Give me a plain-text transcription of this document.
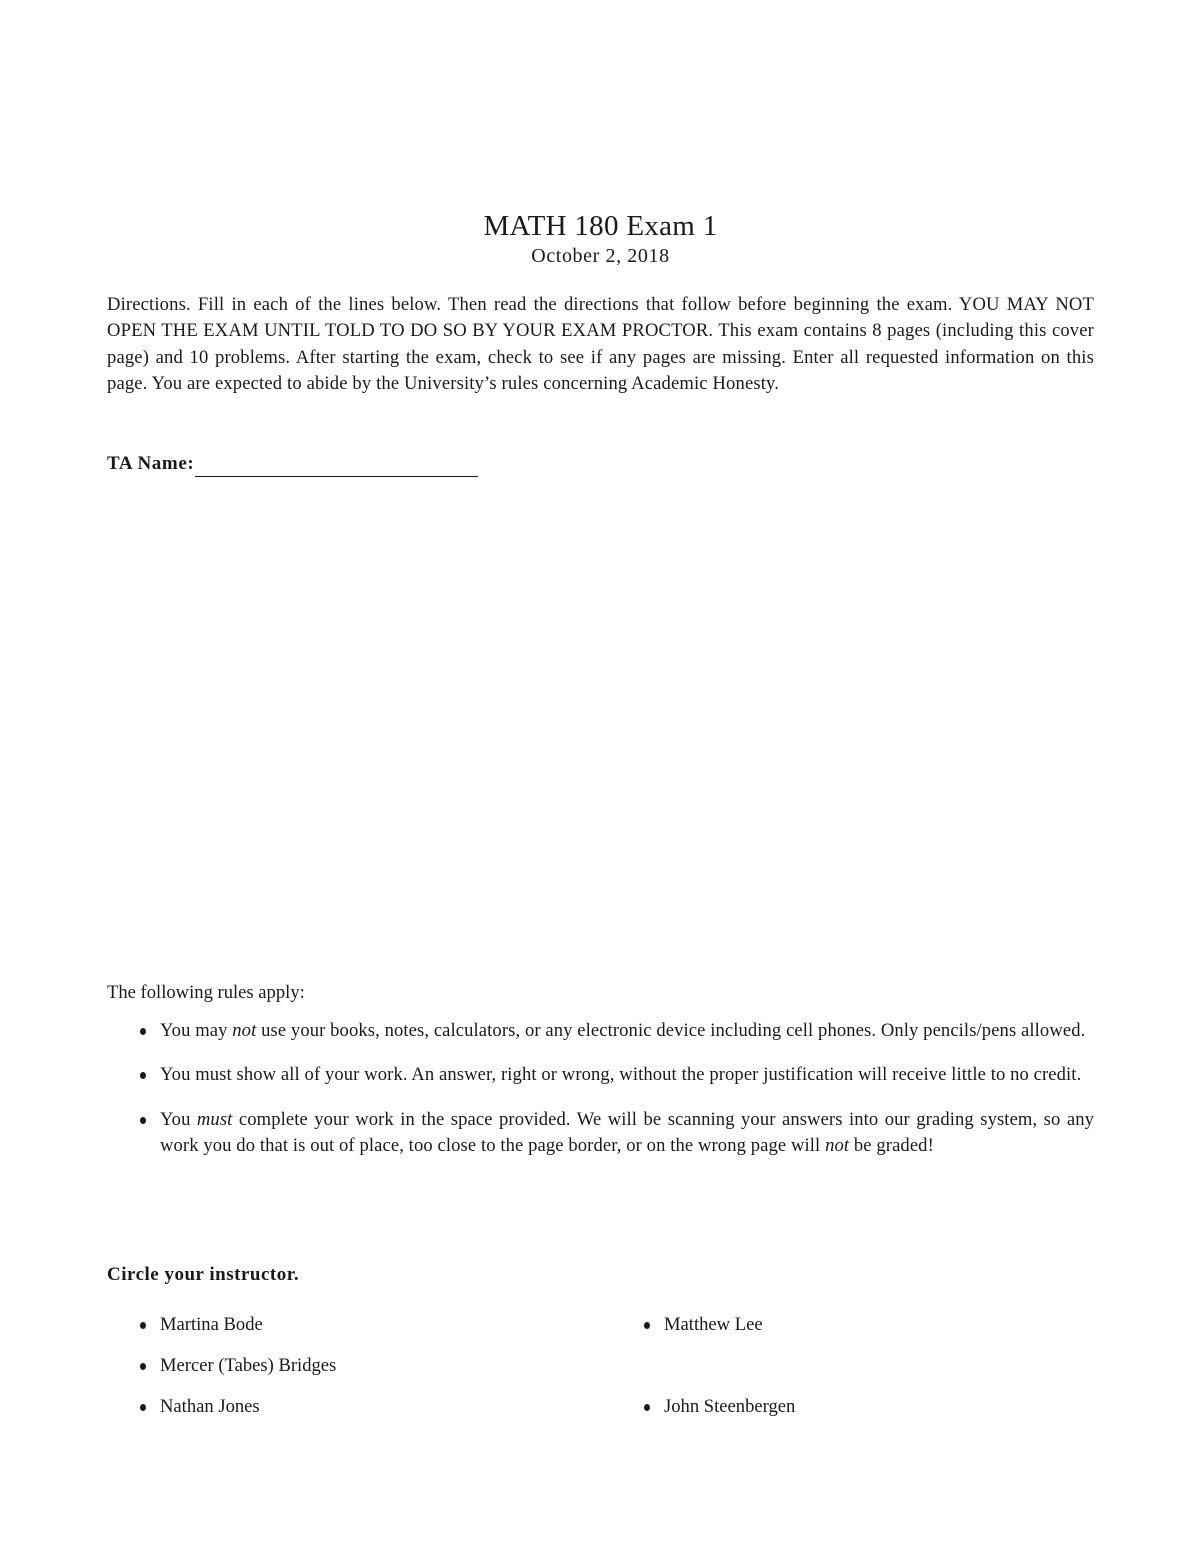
MATH 180 Exam 1
October 2, 2018
Directions. Fill in each of the lines below. Then read the directions that follow before beginning the exam. YOU MAY NOT OPEN THE EXAM UNTIL TOLD TO DO SO BY YOUR EXAM PROCTOR. This exam contains 8 pages (including this cover page) and 10 problems. After starting the exam, check to see if any pages are missing. Enter all requested information on this page. You are expected to abide by the University’s rules concerning Academic Honesty.
TA Name:
The following rules apply:
You may not use your books, notes, calculators, or any electronic device including cell phones. Only pencils/pens allowed.
You must show all of your work. An answer, right or wrong, without the proper justification will receive little to no credit.
You must complete your work in the space provided. We will be scanning your answers into our grading system, so any work you do that is out of place, too close to the page border, or on the wrong page will not be graded!
Circle your instructor.
Martina Bode	Matthew Lee
Mercer (Tabes) Bridges
Nathan Jones	John Steenbergen
